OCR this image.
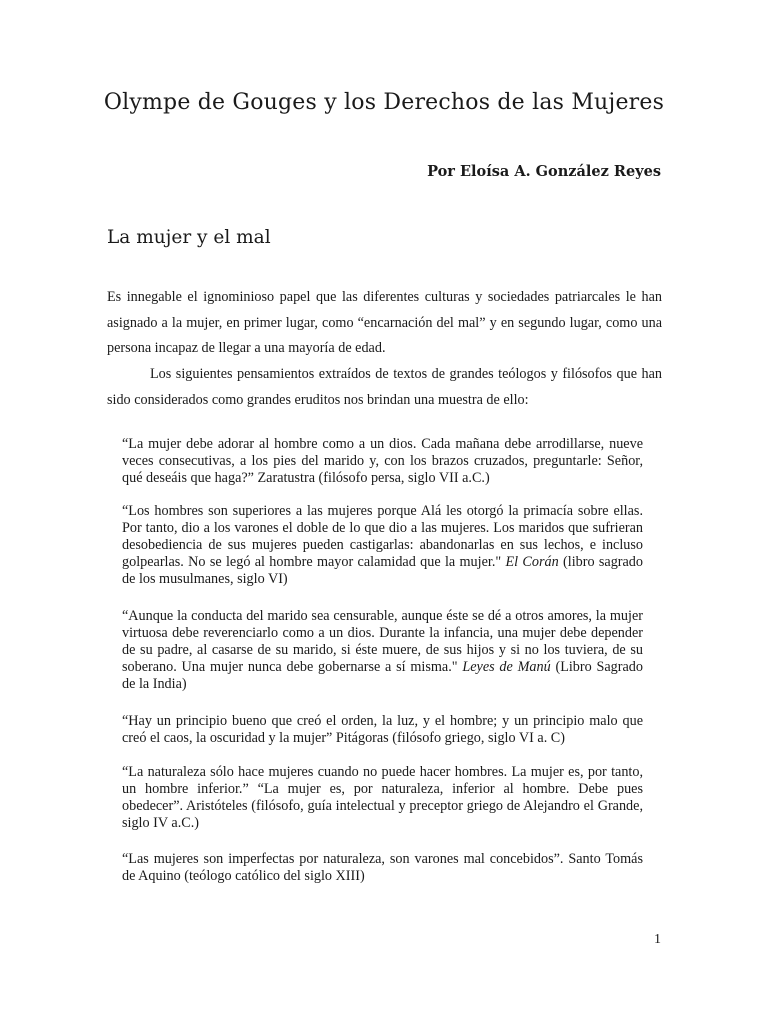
Olympe de Gouges y los Derechos de las Mujeres
Por Eloísa A. González Reyes
La mujer y el mal
Es innegable el ignominioso papel que las diferentes culturas y sociedades patriarcales le han asignado a la mujer, en primer lugar, como “encarnación del mal” y en segundo lugar, como una persona incapaz de llegar a una mayoría de edad.
Los siguientes pensamientos extraídos de textos de grandes teólogos y filósofos que han sido considerados como grandes eruditos nos brindan una muestra de ello:
“La mujer debe adorar al hombre como a un dios. Cada mañana debe arrodillarse, nueve veces consecutivas, a los pies del marido y, con los brazos cruzados, preguntarle: Señor, qué deseáis que haga?” Zaratustra (filósofo persa, siglo VII a.C.)
“Los hombres son superiores a las mujeres porque Alá les otorgó la primacía sobre ellas. Por tanto, dio a los varones el doble de lo que dio a las mujeres. Los maridos que sufrieran desobediencia de sus mujeres pueden castigarlas: abandonarlas en sus lechos, e incluso golpearlas. No se legó al hombre mayor calamidad que la mujer." El Corán (libro sagrado de los musulmanes, siglo VI)
“Aunque la conducta del marido sea censurable, aunque éste se dé a otros amores, la mujer virtuosa debe reverenciarlo como a un dios. Durante la infancia, una mujer debe depender de su padre, al casarse de su marido, si éste muere, de sus hijos y si no los tuviera, de su soberano. Una mujer nunca debe gobernarse a sí misma." Leyes de Manú (Libro Sagrado de la India)
“Hay un principio bueno que creó el orden, la luz, y el hombre; y un principio malo que creó el caos, la oscuridad y la mujer” Pitágoras (filósofo griego, siglo VI a. C)
“La naturaleza sólo hace mujeres cuando no puede hacer hombres. La mujer es, por tanto, un hombre inferior.” “La mujer es, por naturaleza, inferior al hombre. Debe pues obedecer”. Aristóteles (filósofo, guía intelectual y preceptor griego de Alejandro el Grande, siglo IV a.C.)
“Las mujeres son imperfectas por naturaleza, son varones mal concebidos”. Santo Tomás de Aquino (teólogo católico del siglo XIII)
1
